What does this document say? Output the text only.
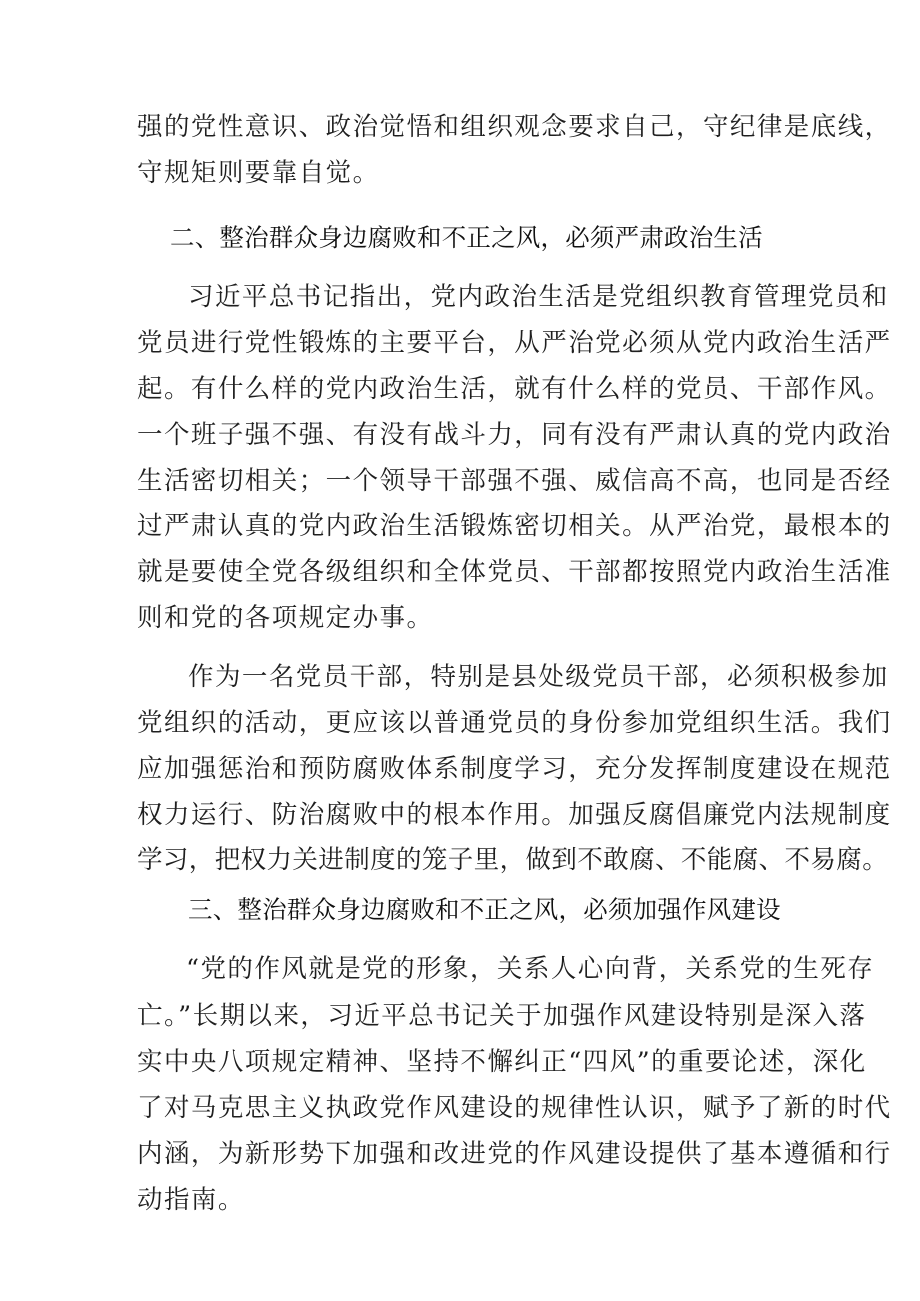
强的党性意识、政治觉悟和组织观念要求自己，守纪律是底线，

守规矩则要靠自觉。

二、整治群众身边腐败和不正之风，必须严肃政治生活

习近平总书记指出，党内政治生活是党组织教育管理党员和

党员进行党性锻炼的主要平台，从严治党必须从党内政治生活严

起。有什么样的党内政治生活，就有什么样的党员、干部作风。

一个班子强不强、有没有战斗力，同有没有严肃认真的党内政治

生活密切相关；一个领导干部强不强、威信高不高，也同是否经

过严肃认真的党内政治生活锻炼密切相关。从严治党，最根本的

就是要使全党各级组织和全体党员、干部都按照党内政治生活准

则和党的各项规定办事。

作为一名党员干部，特别是县处级党员干部，必须积极参加

党组织的活动，更应该以普通党员的身份参加党组织生活。我们

应加强惩治和预防腐败体系制度学习，充分发挥制度建设在规范

权力运行、防治腐败中的根本作用。加强反腐倡廉党内法规制度

学习，把权力关进制度的笼子里，做到不敢腐、不能腐、不易腐。

三、整治群众身边腐败和不正之风，必须加强作风建设

“党的作风就是党的形象，关系人心向背，关系党的生死存

亡。”长期以来，习近平总书记关于加强作风建设特别是深入落

实中央八项规定精神、坚持不懈纠正“四风”的重要论述，深化

了对马克思主义执政党作风建设的规律性认识，赋予了新的时代

内涵，为新形势下加强和改进党的作风建设提供了基本遵循和行

动指南。
